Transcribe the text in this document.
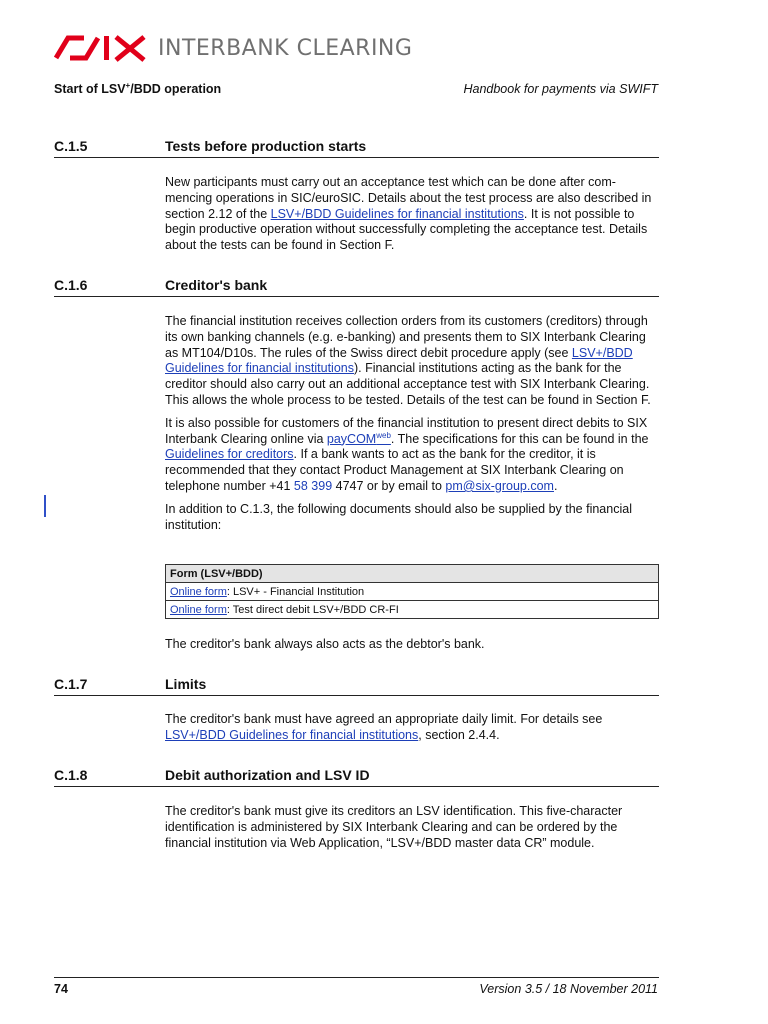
INTERBANK CLEARING
Start of LSV+/BDD operation	Handbook for payments via SWIFT
C.1.5	Tests before production starts

New participants must carry out an acceptance test which can be done after com-mencing operations in SIC/euroSIC. Details about the test process are also described in section 2.12 of the LSV+/BDD Guidelines for financial institutions. It is not possible to begin productive operation without successfully completing the acceptance test. Details about the tests can be found in Section F.

C.1.6	Creditor's bank

The financial institution receives collection orders from its customers (creditors) through its own banking channels (e.g. e-banking) and presents them to SIX Interbank Clearing as MT104/D10s. The rules of the Swiss direct debit procedure apply (see LSV+/BDD Guidelines for financial institutions). Financial institutions acting as the bank for the creditor should also carry out an additional acceptance test with SIX Interbank Clearing. This allows the whole process to be tested. Details of the test can be found in Section F.

It is also possible for customers of the financial institution to present direct debits to SIX Interbank Clearing online via payCOM$^{web}$. The specifications for this can be found in the Guidelines for creditors. If a bank wants to act as the bank for the creditor, it is recommended that they contact Product Management at SIX Interbank Clearing on telephone number +41 58 399 4747 or by email to pm@six-group.com.

In addition to C.1.3, the following documents should also be supplied by the financial institution:

Form (LSV+/BDD)
Online form: LSV+ - Financial Institution
Online form: Test direct debit LSV+/BDD CR-FI

The creditor's bank always also acts as the debtor's bank.

C.1.7	Limits

The creditor's bank must have agreed an appropriate daily limit. For details see LSV+/BDD Guidelines for financial institutions, section 2.4.4.

C.1.8	Debit authorization and LSV ID

The creditor's bank must give its creditors an LSV identification. This five-character identification is administered by SIX Interbank Clearing and can be ordered by the financial institution via Web Application, “LSV+/BDD master data CR” module.

74	Version 3.5 / 18 November 2011
